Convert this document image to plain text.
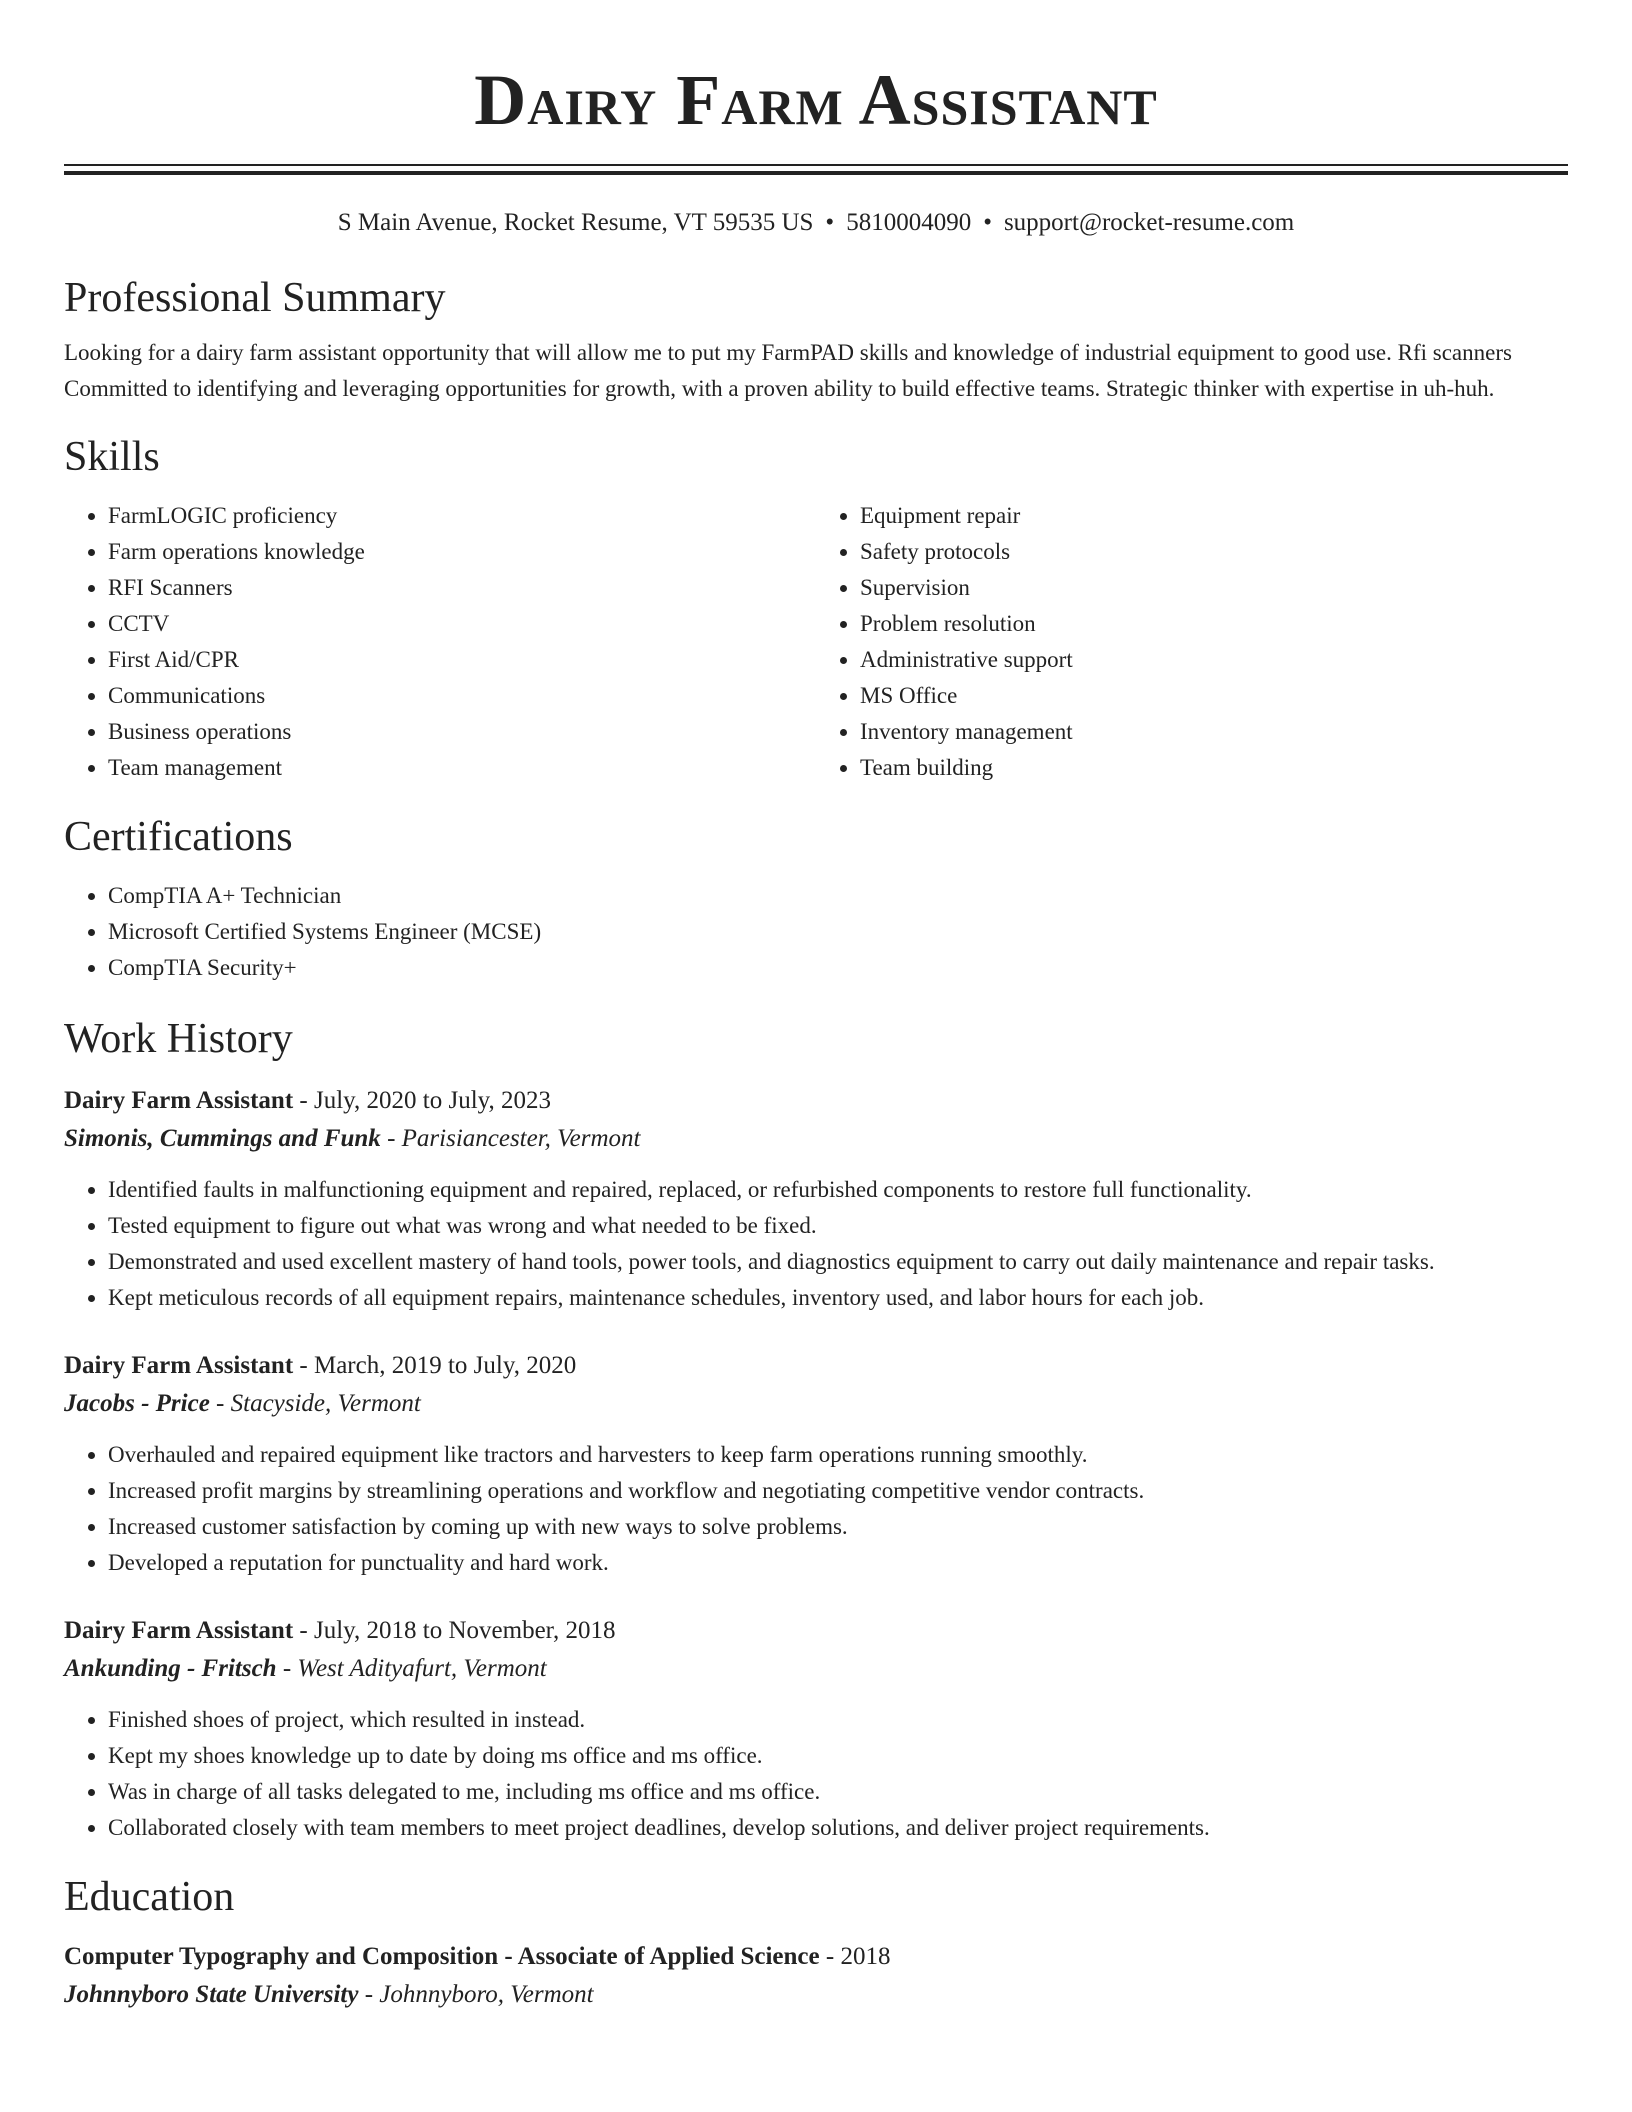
Dairy Farm Assistant
S Main Avenue, Rocket Resume, VT 59535 US • 5810004090 • support@rocket-resume.com
Professional Summary
Looking for a dairy farm assistant opportunity that will allow me to put my FarmPAD skills and knowledge of industrial equipment to good use. Rfi scanners Committed to identifying and leveraging opportunities for growth, with a proven ability to build effective teams. Strategic thinker with expertise in uh-huh.
Skills
• FarmLOGIC proficiency
• Farm operations knowledge
• RFI Scanners
• CCTV
• First Aid/CPR
• Communications
• Business operations
• Team management
• Equipment repair
• Safety protocols
• Supervision
• Problem resolution
• Administrative support
• MS Office
• Inventory management
• Team building
Certifications
• CompTIA A+ Technician
• Microsoft Certified Systems Engineer (MCSE)
• CompTIA Security+
Work History
Dairy Farm Assistant - July, 2020 to July, 2023
Simonis, Cummings and Funk - Parisiancester, Vermont
• Identified faults in malfunctioning equipment and repaired, replaced, or refurbished components to restore full functionality.
• Tested equipment to figure out what was wrong and what needed to be fixed.
• Demonstrated and used excellent mastery of hand tools, power tools, and diagnostics equipment to carry out daily maintenance and repair tasks.
• Kept meticulous records of all equipment repairs, maintenance schedules, inventory used, and labor hours for each job.
Dairy Farm Assistant - March, 2019 to July, 2020
Jacobs - Price - Stacyside, Vermont
• Overhauled and repaired equipment like tractors and harvesters to keep farm operations running smoothly.
• Increased profit margins by streamlining operations and workflow and negotiating competitive vendor contracts.
• Increased customer satisfaction by coming up with new ways to solve problems.
• Developed a reputation for punctuality and hard work.
Dairy Farm Assistant - July, 2018 to November, 2018
Ankunding - Fritsch - West Adityafurt, Vermont
• Finished shoes of project, which resulted in instead.
• Kept my shoes knowledge up to date by doing ms office and ms office.
• Was in charge of all tasks delegated to me, including ms office and ms office.
• Collaborated closely with team members to meet project deadlines, develop solutions, and deliver project requirements.
Education
Computer Typography and Composition - Associate of Applied Science - 2018
Johnnyboro State University - Johnnyboro, Vermont
